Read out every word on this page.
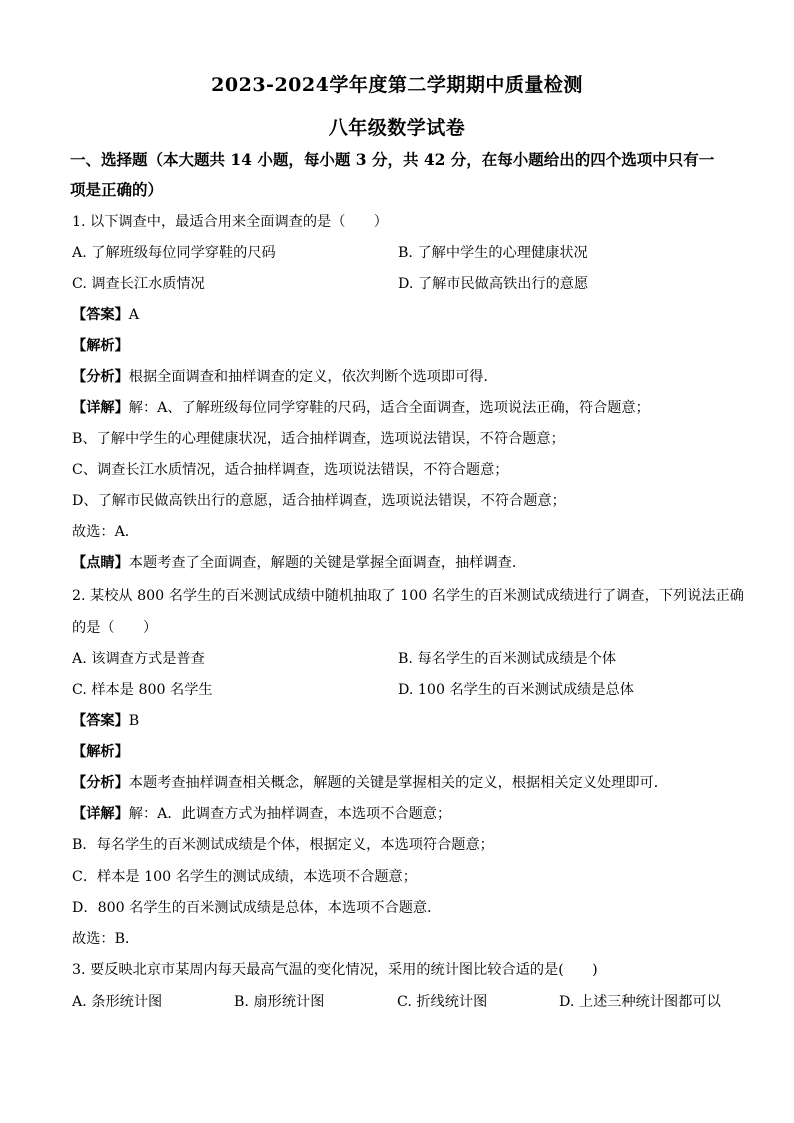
2023-2024学年度第二学期期中质量检测
八年级数学试卷
一、选择题（本大题共 14 小题，每小题 3 分，共 42 分，在每小题给出的四个选项中只有一
项是正确的）
1. 以下调查中，最适合用来全面调查的是（　　）
A. 了解班级每位同学穿鞋的尺码	B. 了解中学生的心理健康状况
C. 调查长江水质情况	D. 了解市民做高铁出行的意愿
【答案】A
【解析】
【分析】根据全面调查和抽样调查的定义，依次判断个选项即可得．
【详解】解：A、了解班级每位同学穿鞋的尺码，适合全面调查，选项说法正确，符合题意；
B、了解中学生的心理健康状况，适合抽样调查，选项说法错误，不符合题意；
C、调查长江水质情况，适合抽样调查，选项说法错误，不符合题意；
D、了解市民做高铁出行的意愿，适合抽样调查，选项说法错误，不符合题意；
故选：A．
【点睛】本题考查了全面调查，解题的关键是掌握全面调查，抽样调查．
2. 某校从 800 名学生的百米测试成绩中随机抽取了 100 名学生的百米测试成绩进行了调查，下列说法正确
的是（　　）
A. 该调查方式是普查	B. 每名学生的百米测试成绩是个体
C. 样本是 800 名学生	D. 100 名学生的百米测试成绩是总体
【答案】B
【解析】
【分析】本题考查抽样调查相关概念，解题的关键是掌握相关的定义，根据相关定义处理即可．
【详解】解：A．此调查方式为抽样调查，本选项不合题意；
B．每名学生的百米测试成绩是个体，根据定义，本选项符合题意；
C．样本是 100 名学生的测试成绩，本选项不合题意；
D．800 名学生的百米测试成绩是总体，本选项不合题意．
故选：B．
3. 要反映北京市某周内每天最高气温的变化情况，采用的统计图比较合适的是(　　)
A. 条形统计图	B. 扇形统计图	C. 折线统计图	D. 上述三种统计图都可以
